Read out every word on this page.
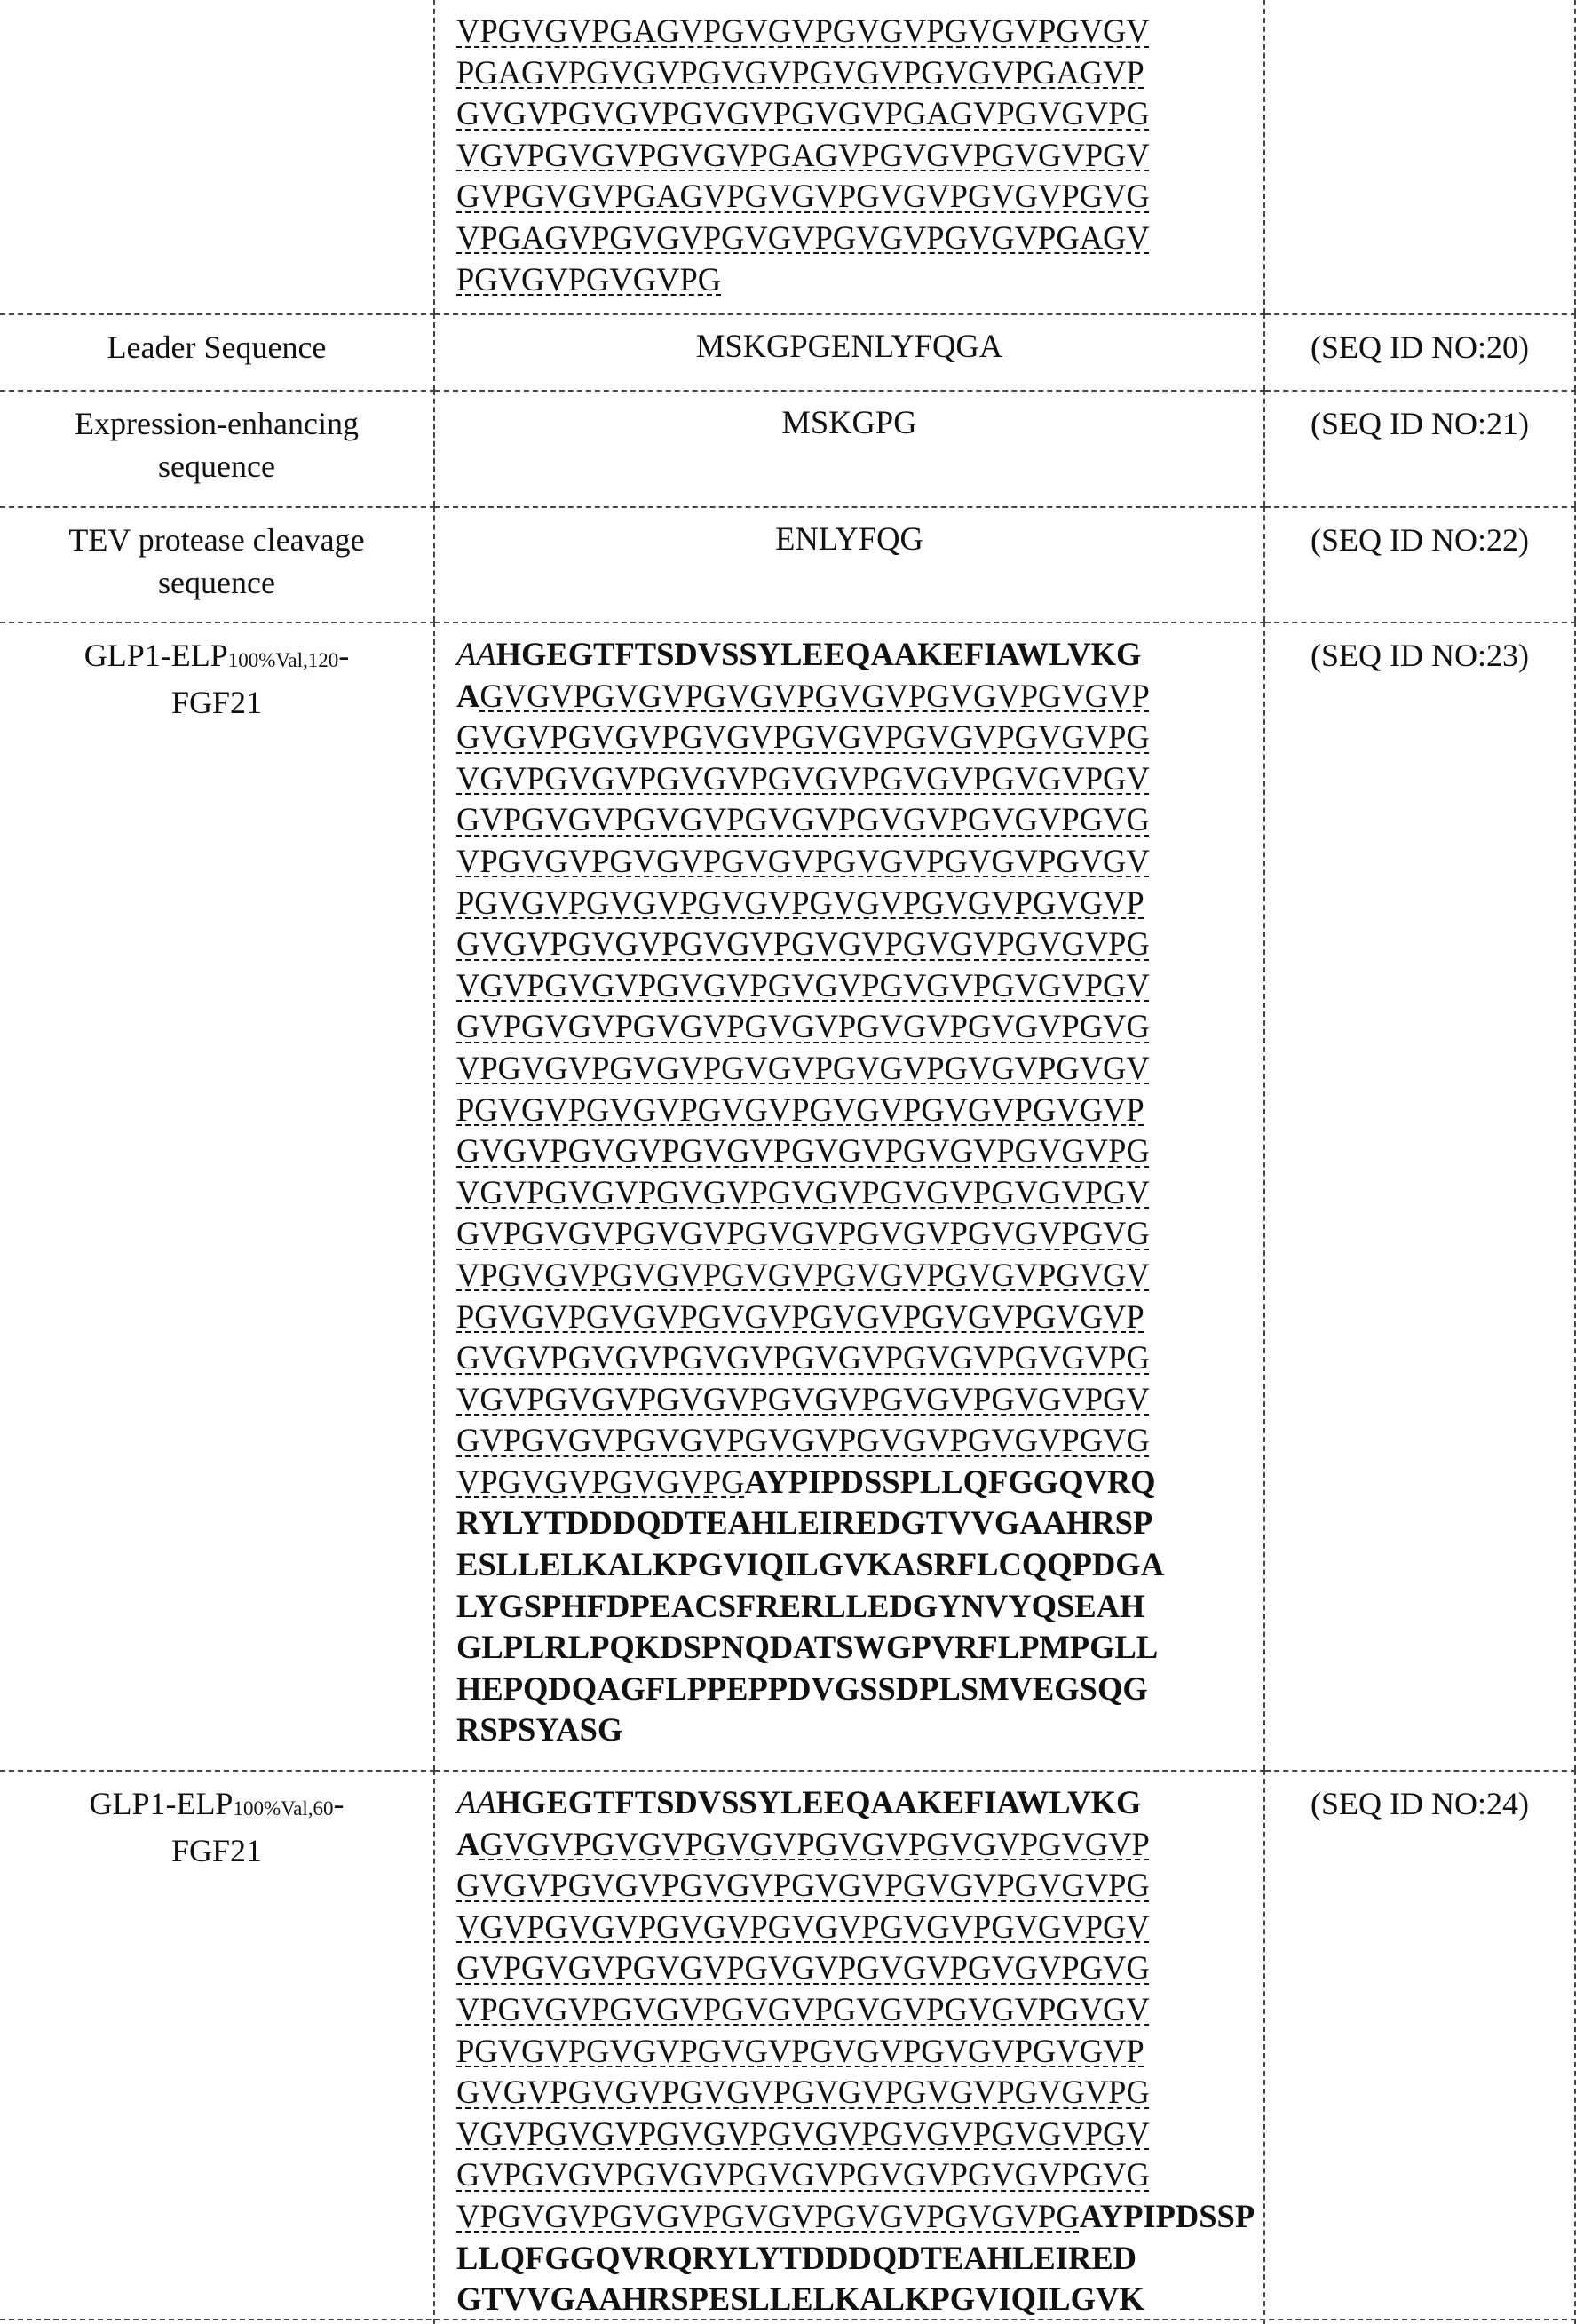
VPGVGVPGAGVPGVGVPGVGVPGVGVPGVGV
PGAGVPGVGVPGVGVPGVGVPGVGVPGAGVP
GVGVPGVGVPGVGVPGVGVPGAGVPGVGVPG
VGVPGVGVPGVGVPGAGVPGVGVPGVGVPGV
GVPGVGVPGAGVPGVGVPGVGVPGVGVPGVG
VPGAGVPGVGVPGVGVPGVGVPGVGVPGAGV
PGVGVPGVGVPG
Leader Sequence	MSKGPGENLYFQGA	(SEQ ID NO:20)
Expression-enhancing sequence
MSKGPG	(SEQ ID NO:21)
TEV protease cleavage sequence
ENLYFQG	(SEQ ID NO:22)
GLP1-ELP100%Val,120-
FGF21
AAHGEGTFTSDVSSYLEEQAAKEFIAWLVKG
AGVGVPGVGVPGVGVPGVGVPGVGVPGVGVP
GVGVPGVGVPGVGVPGVGVPGVGVPGVGVPG
VGVPGVGVPGVGVPGVGVPGVGVPGVGVPGV
GVPGVGVPGVGVPGVGVPGVGVPGVGVPGVG
VPGVGVPGVGVPGVGVPGVGVPGVGVPGVGV
PGVGVPGVGVPGVGVPGVGVPGVGVPGVGVP
GVGVPGVGVPGVGVPGVGVPGVGVPGVGVPG
VGVPGVGVPGVGVPGVGVPGVGVPGVGVPGV
GVPGVGVPGVGVPGVGVPGVGVPGVGVPGVG
VPGVGVPGVGVPGVGVPGVGVPGVGVPGVGV
PGVGVPGVGVPGVGVPGVGVPGVGVPGVGVP
GVGVPGVGVPGVGVPGVGVPGVGVPGVGVPG
VGVPGVGVPGVGVPGVGVPGVGVPGVGVPGV
GVPGVGVPGVGVPGVGVPGVGVPGVGVPGVG
VPGVGVPGVGVPGVGVPGVGVPGVGVPGVGV
PGVGVPGVGVPGVGVPGVGVPGVGVPGVGVP
GVGVPGVGVPGVGVPGVGVPGVGVPGVGVPG
VGVPGVGVPGVGVPGVGVPGVGVPGVGVPGV
GVPGVGVPGVGVPGVGVPGVGVPGVGVPGVG
VPGVGVPGVGVPGAYPIPDSSPLLQFGGQVRQ
RYLYTDDDQDTEAHLEIREDGTVVGAAHRSP
ESLLELKALKPGVIQILGVKASRFLCQQPDGA
LYGSPHFDPEACSFRERLLEDGYNVYQSEAH
GLPLRLPQKDSPNQDATSWGPVRFLPMPGLL
HEPQDQAGFLPPEPPDVGSSDPLSMVEGSQG
RSPSYASG
(SEQ ID NO:23)
GLP1-ELP100%Val,60-
FGF21
AAHGEGTFTSDVSSYLEEQAAKEFIAWLVKG
AGVGVPGVGVPGVGVPGVGVPGVGVPGVGVP
GVGVPGVGVPGVGVPGVGVPGVGVPGVGVPG
VGVPGVGVPGVGVPGVGVPGVGVPGVGVPGV
GVPGVGVPGVGVPGVGVPGVGVPGVGVPGVG
VPGVGVPGVGVPGVGVPGVGVPGVGVPGVGV
PGVGVPGVGVPGVGVPGVGVPGVGVPGVGVP
GVGVPGVGVPGVGVPGVGVPGVGVPGVGVPG
VGVPGVGVPGVGVPGVGVPGVGVPGVGVPGV
GVPGVGVPGVGVPGVGVPGVGVPGVGVPGVG
VPGVGVPGVGVPGVGVPGVGVPGVGVPGAYPIPDSSP
LLQFGGQVRQRYLYTDDDQDTEAHLEIRED
GTVVGAAHRSPESLLELKALKPGVIQILGVK
(SEQ ID NO:24)
